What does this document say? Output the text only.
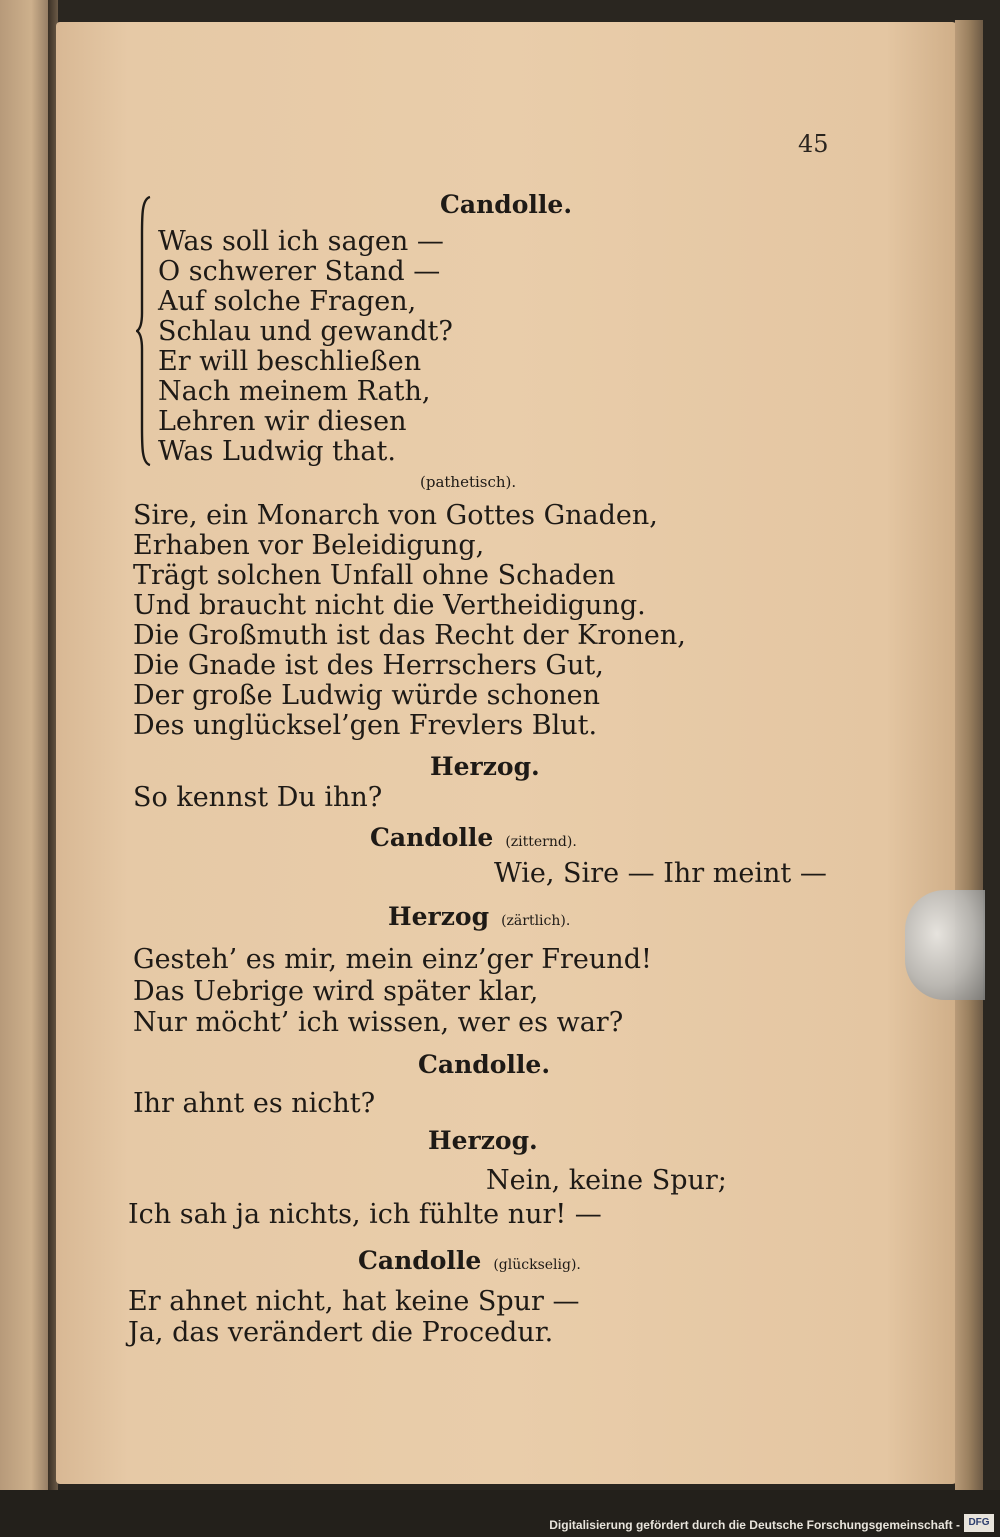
45
Candolle.
Was soll ich sagen —
O schwerer Stand —
Auf solche Fragen,
Schlau und gewandt?
Er will beschließen
Nach meinem Rath,
Lehren wir diesen
Was Ludwig that.
(pathetisch).
Sire, ein Monarch von Gottes Gnaden,
Erhaben vor Beleidigung,
Trägt solchen Unfall ohne Schaden
Und braucht nicht die Vertheidigung.
Die Großmuth ist das Recht der Kronen,
Die Gnade ist des Herrschers Gut,
Der große Ludwig würde schonen
Des unglücksel’gen Frevlers Blut.
Herzog.
So kennst Du ihn?
Candolle (zitternd).
Wie, Sire — Ihr meint —
Herzog (zärtlich).
Gesteh’ es mir, mein einz’ger Freund!
Das Uebrige wird später klar,
Nur möcht’ ich wissen, wer es war?
Candolle.
Ihr ahnt es nicht?
Herzog.
Nein, keine Spur;
Ich sah ja nichts, ich fühlte nur! —
Candolle (glückselig).
Er ahnet nicht, hat keine Spur —
Ja, das verändert die Procedur.
Digitalisierung gefördert durch die Deutsche Forschungsgemeinschaft - DFG
